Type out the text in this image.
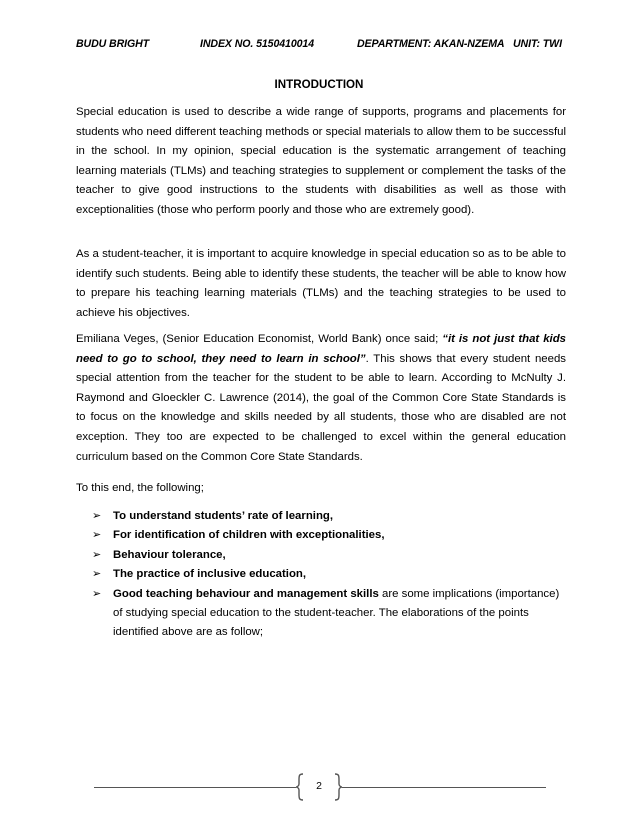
BUDU BRIGHT	INDEX NO. 5150410014	DEPARTMENT: AKAN-NZEMA UNIT: TWI
INTRODUCTION
Special education is used to describe a wide range of supports, programs and placements for students who need different teaching methods or special materials to allow them to be successful in the school. In my opinion, special education is the systematic arrangement of teaching learning materials (TLMs) and teaching strategies to supplement or complement the tasks of the teacher to give good instructions to the students with disabilities as well as those with exceptionalities (those who perform poorly and those who are extremely good).
As a student-teacher, it is important to acquire knowledge in special education so as to be able to identify such students. Being able to identify these students, the teacher will be able to know how to prepare his teaching learning materials (TLMs) and the teaching strategies to be used to achieve his objectives.
Emiliana Veges, (Senior Education Economist, World Bank) once said; “it is not just that kids need to go to school, they need to learn in school”. This shows that every student needs special attention from the teacher for the student to be able to learn. According to McNulty J. Raymond and Gloeckler C. Lawrence (2014), the goal of the Common Core State Standards is to focus on the knowledge and skills needed by all students, those who are disabled are not exception. They too are expected to be challenged to excel within the general education curriculum based on the Common Core State Standards.
To this end, the following;
➢ To understand students’ rate of learning,
➢ For identification of children with exceptionalities,
➢ Behaviour tolerance,
➢ The practice of inclusive education,
➢ Good teaching behaviour and management skills are some implications (importance) of studying special education to the student-teacher. The elaborations of the points identified above are as follow;
2
